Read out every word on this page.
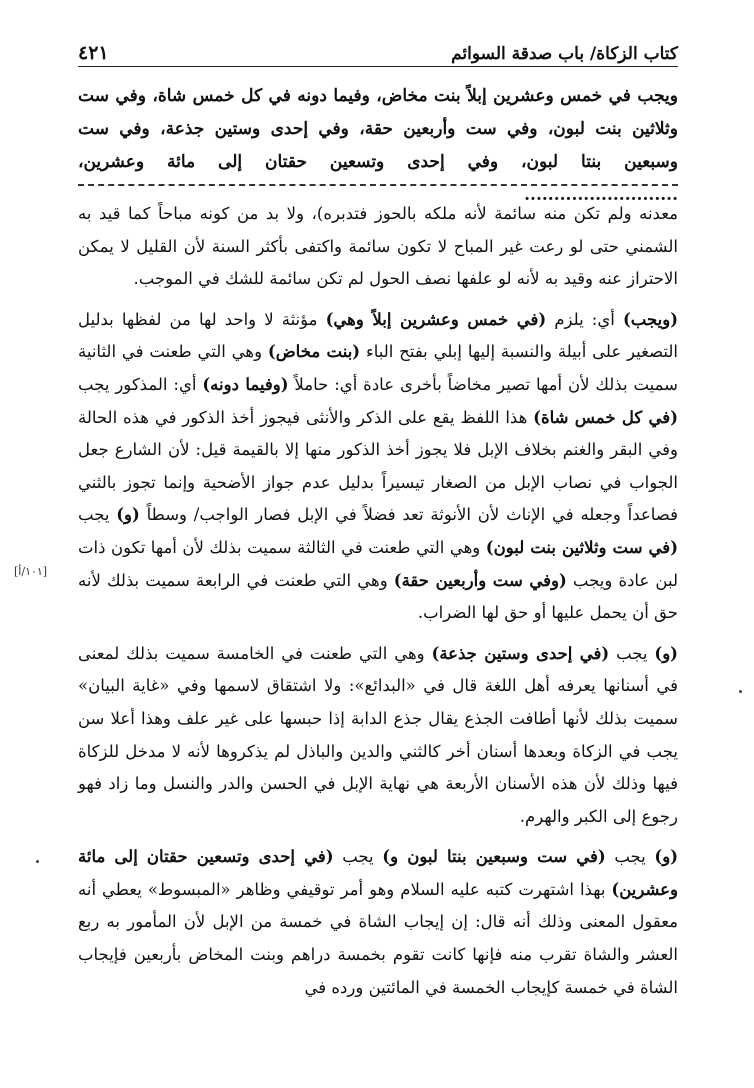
كتاب الزكاة/ باب صدقة السوائم
٤٢١

ويجب في خمس وعشرين إبلاً بنت مخاض، وفيما دونه في كل خمس شاة، وفي ست وثلاثين بنت لبون، وفي ست وأربعين حقة، وفي إحدى وستين جذعة، وفي ست وسبعين بنتا لبون، وفي إحدى وتسعين حقتان إلى مائة وعشرين، ..........................

معدنه ولم تكن منه سائمة لأنه ملكه بالحوز فتدبره)، ولا بد من كونه مباحاً كما قيد به الشمني حتى لو رعت غير المباح لا تكون سائمة واكتفى بأكثر السنة لأن القليل لا يمكن الاحتراز عنه وقيد به لأنه لو علفها نصف الحول لم تكن سائمة للشك في الموجب.

(ويجب) أي: يلزم (في خمس وعشرين إبلاً وهي) مؤنثة لا واحد لها من لفظها بدليل التصغير على أبيلة والنسبة إليها إبلي بفتح الباء (بنت مخاض) وهي التي طعنت في الثانية سميت بذلك لأن أمها تصير مخاضاً بأخرى عادة أي: حاملاً (وفيما دونه) أي: المذكور يجب (في كل خمس شاة) هذا اللفظ يقع على الذكر والأنثى فيجوز أخذ الذكور في هذه الحالة وفي البقر والغنم بخلاف الإبل فلا يجوز أخذ الذكور منها إلا بالقيمة قيل: لأن الشارع جعل الجواب في نصاب الإبل من الصغار تيسيراً بدليل عدم جواز الأضحية وإنما تجوز بالثني فصاعداً وجعله في الإناث لأن الأنوثة تعد فضلاً في الإبل فصار الواجب/ وسطاً (و) يجب (في ست وثلاثين بنت لبون) وهي التي طعنت في الثالثة سميت بذلك لأن أمها تكون ذات لبن عادة ويجب (وفي ست وأربعين حقة) وهي التي طعنت في الرابعة سميت بذلك لأنه حق أن يحمل عليها أو حق لها الضراب.

(و) يجب (في إحدى وستين جذعة) وهي التي طعنت في الخامسة سميت بذلك لمعنى في أسنانها يعرفه أهل اللغة قال في «البدائع»: ولا اشتقاق لاسمها وفي «غاية البيان» سميت بذلك لأنها أطافت الجذع يقال جذع الدابة إذا حبسها على غير علف وهذا أعلا سن يجب في الزكاة وبعدها أسنان أخر كالثني والدين والباذل لم يذكروها لأنه لا مدخل للزكاة فيها وذلك لأن هذه الأسنان الأربعة هي نهاية الإبل في الحسن والدر والنسل وما زاد فهو رجوع إلى الكبر والهرم.

(و) يجب (في ست وسبعين بنتا لبون و) يجب (في إحدى وتسعين حقتان إلى مائة وعشرين) بهذا اشتهرت كتبه عليه السلام وهو أمر توقيفي وظاهر «المبسوط» يعطي أنه معقول المعنى وذلك أنه قال: إن إيجاب الشاة في خمسة من الإبل لأن المأمور به ربع العشر والشاة تقرب منه فإنها كانت تقوم بخمسة دراهم وبنت المخاض بأربعين فإيجاب الشاة في خمسة كإيجاب الخمسة في المائتين ورده في

[١٠١/أ]
